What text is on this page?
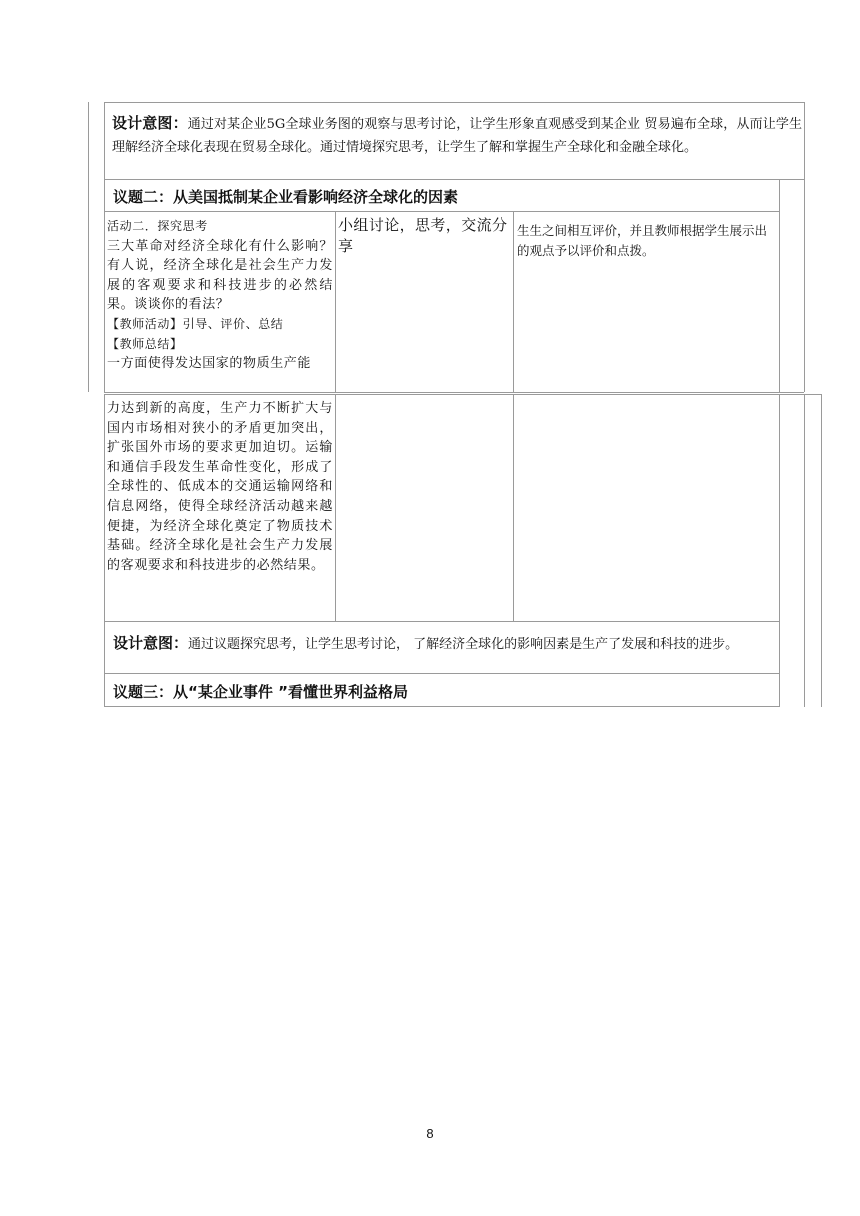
设计意图：通过对某企业5G全球业务图的观察与思考讨论，让学生形象直观感受到某企业 贸易遍布全球，从而让学生理解经济全球化表现在贸易全球化。通过情境探究思考，让学生了解和掌握生产全球化和金融全球化。
议题二：从美国抵制某企业看影响经济全球化的因素
活动二．探究思考
三大革命对经济全球化有什么影响？有人说，经济全球化是社会生产力发展的客观要求和科技进步的必然结果。谈谈你的看法？
【教师活动】引导、评价、总结
【教师总结】
一方面使得发达国家的物质生产能
小组讨论，思考，交流分享
生生之间相互评价，并且教师根据学生展示出的观点予以评价和点拨。
力达到新的高度，生产力不断扩大与国内市场相对狭小的矛盾更加突出，扩张国外市场的要求更加迫切。运输和通信手段发生革命性变化，形成了全球性的、低成本的交通运输网络和信息网络，使得全球经济活动越来越便捷，为经济全球化奠定了物质技术基础。经济全球化是社会生产力发展的客观要求和科技进步的必然结果。
设计意图：通过议题探究思考，让学生思考讨论， 了解经济全球化的影响因素是生产了发展和科技的进步。
议题三：从“某企业事件 ”看懂世界利益格局
8
